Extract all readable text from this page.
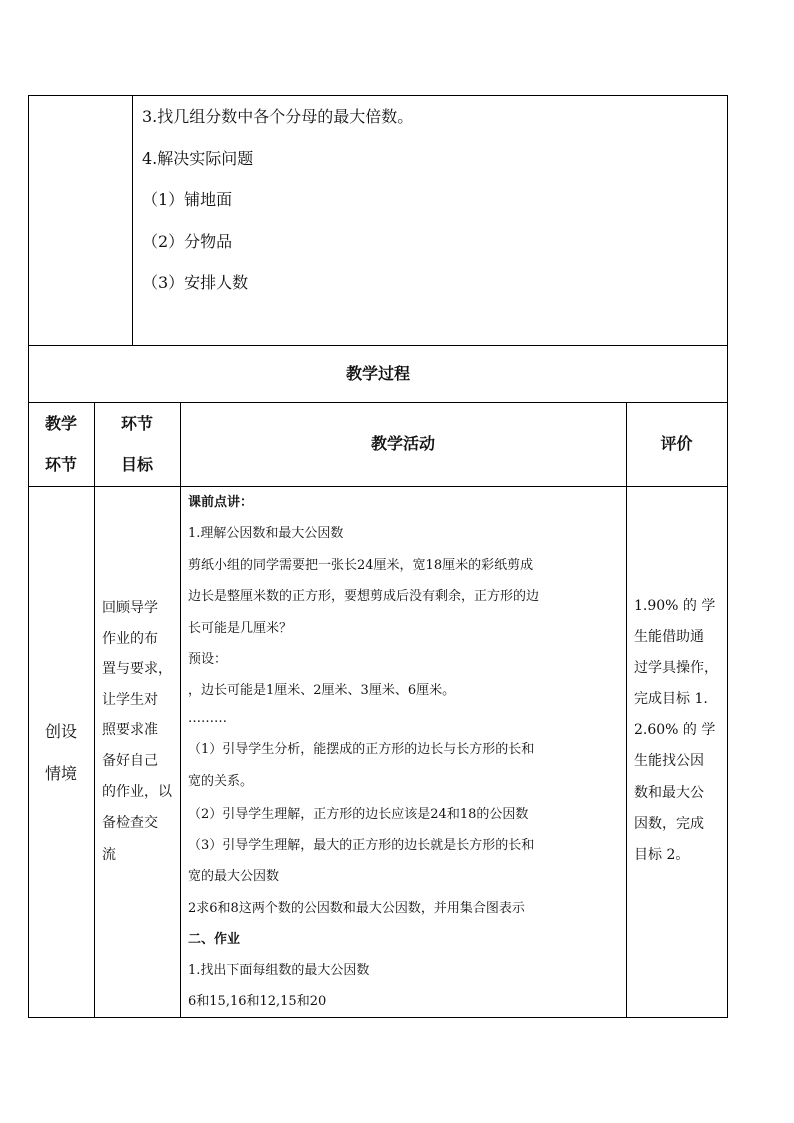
3.找几组分数中各个分母的最大倍数。
4.解决实际问题
（1）铺地面
（2）分物品
（3）安排人数
教学过程
教学
环节
环节
目标
教学活动	评价
创设
情境
回顾导学
作业的布
置与要求，
让学生对
照要求准
备好自己
的作业，以
备检查交
流
课前点讲：
1.理解公因数和最大公因数
剪纸小组的同学需要把一张长24厘米，宽18厘米的彩纸剪成
边长是整厘米数的正方形，要想剪成后没有剩余，正方形的边
长可能是几厘米？
预设：
，边长可能是1厘米、2厘米、3厘米、6厘米。
………
（1）引导学生分析，能摆成的正方形的边长与长方形的长和
宽的关系。
（2）引导学生理解，正方形的边长应该是24和18的公因数
（3）引导学生理解，最大的正方形的边长就是长方形的长和
宽的最大公因数
2求6和8这两个数的公因数和最大公因数，并用集合图表示
二、作业
1.找出下面每组数的最大公因数
6和15,16和12,15和20
1.90% 的 学
生能借助通
过学具操作，
完成目标 1.
2.60% 的 学
生能找公因
数和最大公
因数，完成
目标 2。
